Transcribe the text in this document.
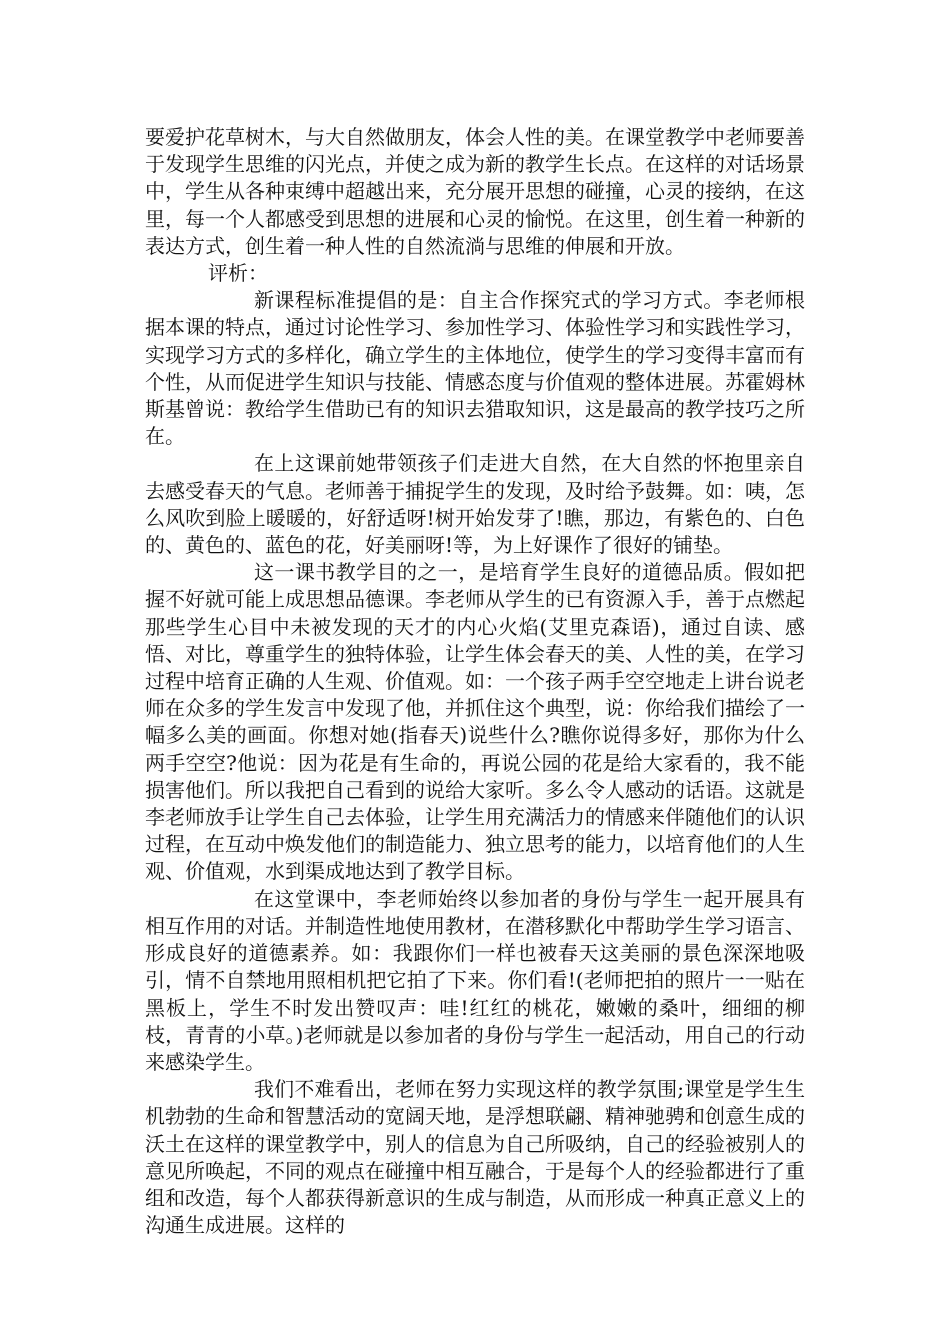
要爱护花草树木，与大自然做朋友，体会人性的美。在课堂教学中老师要善于发现学生思维的闪光点，并使之成为新的教学生长点。在这样的对话场景中，学生从各种束缚中超越出来，充分展开思想的碰撞，心灵的接纳，在这里，每一个人都感受到思想的进展和心灵的愉悦。在这里，创生着一种新的表达方式，创生着一种人性的自然流淌与思维的伸展和开放。

评析：

新课程标准提倡的是：自主合作探究式的学习方式。李老师根据本课的特点，通过讨论性学习、参加性学习、体验性学习和实践性学习，实现学习方式的多样化，确立学生的主体地位，使学生的学习变得丰富而有个性，从而促进学生知识与技能、情感态度与价值观的整体进展。苏霍姆林斯基曾说：教给学生借助已有的知识去猎取知识，这是最高的教学技巧之所在。

在上这课前她带领孩子们走进大自然，在大自然的怀抱里亲自去感受春天的气息。老师善于捕捉学生的发现，及时给予鼓舞。如：咦，怎么风吹到脸上暖暖的，好舒适呀!树开始发芽了!瞧，那边，有紫色的、白色的、黄色的、蓝色的花，好美丽呀!等，为上好课作了很好的铺垫。

这一课书教学目的之一，是培育学生良好的道德品质。假如把握不好就可能上成思想品德课。李老师从学生的已有资源入手，善于点燃起那些学生心目中未被发现的天才的内心火焰(艾里克森语)，通过自读、感悟、对比，尊重学生的独特体验，让学生体会春天的美、人性的美，在学习过程中培育正确的人生观、价值观。如：一个孩子两手空空地走上讲台说老师在众多的学生发言中发现了他，并抓住这个典型，说：你给我们描绘了一幅多么美的画面。你想对她(指春天)说些什么?瞧你说得多好，那你为什么两手空空?他说：因为花是有生命的，再说公园的花是给大家看的，我不能损害他们。所以我把自己看到的说给大家听。多么令人感动的话语。这就是李老师放手让学生自己去体验，让学生用充满活力的情感来伴随他们的认识过程，在互动中焕发他们的制造能力、独立思考的能力，以培育他们的人生观、价值观，水到渠成地达到了教学目标。

在这堂课中，李老师始终以参加者的身份与学生一起开展具有相互作用的对话。并制造性地使用教材，在潜移默化中帮助学生学习语言、形成良好的道德素养。如：我跟你们一样也被春天这美丽的景色深深地吸引，情不自禁地用照相机把它拍了下来。你们看!(老师把拍的照片一一贴在黑板上，学生不时发出赞叹声：哇!红红的桃花，嫩嫩的桑叶，细细的柳枝，青青的小草。)老师就是以参加者的身份与学生一起活动，用自己的行动来感染学生。

我们不难看出，老师在努力实现这样的教学氛围;课堂是学生生机勃勃的生命和智慧活动的宽阔天地，是浮想联翩、精神驰骋和创意生成的沃土在这样的课堂教学中，别人的信息为自己所吸纳，自己的经验被别人的意见所唤起，不同的观点在碰撞中相互融合，于是每个人的经验都进行了重组和改造，每个人都获得新意识的生成与制造，从而形成一种真正意义上的沟通生成进展。这样的
